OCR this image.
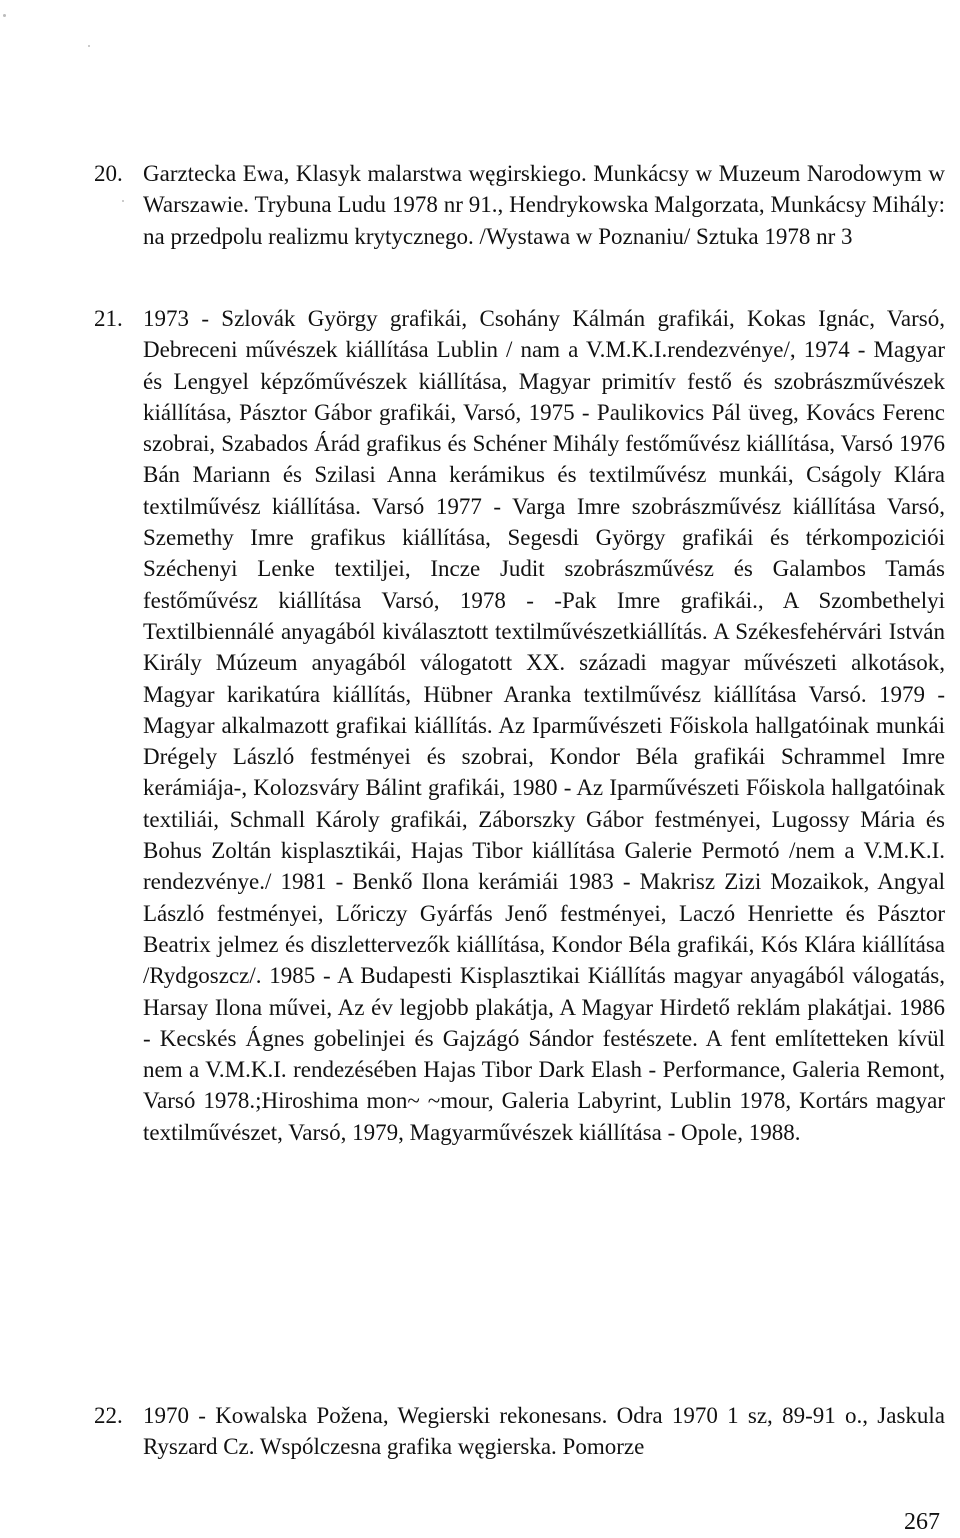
20. Garztecka Ewa, Klasyk malarstwa węgirskiego. Munkácsy w Muzeum Narodowym w Warszawie. Trybuna Ludu 1978 nr 91., Hendrykowska Malgorzata, Munkácsy Mihály: na przedpolu realizmu krytycznego. /Wystawa w Poznaniu/ Sztuka 1978 nr 3
21. 1973 - Szlovák György grafikái, Csohány Kálmán grafikái, Kokas Ignác, Varsó, Debreceni művészek kiállítása Lublin / nam a V.M.K.I.rendezvénye/, 1974 - Magyar és Lengyel képzőművészek kiállítása, Magyar primitív festő és szobrászművészek kiállítása, Pásztor Gábor grafikái, Varsó, 1975 - Paulikovics Pál üveg, Kovács Ferenc szobrai, Szabados Árád grafikus és Schéner Mihály festőművész kiállítása, Varsó 1976 Bán Mariann és Szilasi Anna kerámikus és textilművész munkái, Cságoly Klára textilművész kiállítása. Varsó 1977 - Varga Imre szobrászművész kiállítása Varsó, Szemethy Imre grafikus kiállítása, Segesdi György grafikái és térkompoziciói Széchenyi Lenke textiljei, Incze Judit szobrászművész és Galambos Tamás festőművész kiállítása Varsó, 1978 - -Pak Imre grafikái., A Szombethelyi Textilbiennálé anyagából kiválasztott textilművészetkiállítás. A Székesfehérvári István Király Múzeum anyagából válogatott XX. századi magyar művészeti alkotások, Magyar karikatúra kiállítás, Hübner Aranka textilművész kiállítása Varsó. 1979 - Magyar alkalmazott grafikai kiállítás. Az Iparművészeti Főiskola hallgatóinak munkái Drégely László festményei és szobrai, Kondor Béla grafikái Schrammel Imre kerámiája-, Kolozsváry Bálint grafikái, 1980 - Az Iparművészeti Főiskola hallgatóinak textiliái, Schmall Károly grafikái, Záborszky Gábor festményei, Lugossy Mária és Bohus Zoltán kisplasztikái, Hajas Tibor kiállítása Galerie Permotó /nem a V.M.K.I. rendezvénye./ 1981 - Benkő Ilona kerámiái 1983 - Makrisz Zizi Mozaikok, Angyal László festményei, Lőriczy Gyárfás Jenő festményei, Laczó Henriette és Pásztor Beatrix jelmez és diszlettervezők kiállítása, Kondor Béla grafikái, Kós Klára kiállítása /Rydgoszcz/. 1985 - A Budapesti Kisplasztikai Kiállítás magyar anyagából válogatás, Harsay Ilona művei, Az év legjobb plakátja, A Magyar Hirdető reklám plakátjai. 1986 - Kecskés Ágnes gobelinjei és Gajzágó Sándor festészete. A fent említetteken kívül nem a V.M.K.I. rendezésében Hajas Tibor Dark Elash - Performance, Galeria Remont, Varsó 1978.;Hiroshima mon~ ~mour, Galeria Labyrint, Lublin 1978, Kortárs magyar textilművészet, Varsó, 1979, Magyarművészek kiállítása - Opole, 1988.
22. 1970 - Kowalska Požena, Wegierski rekonesans. Odra 1970 1 sz, 89-91 o., Jaskula Ryszard Cz. Wspólczesna grafika węgierska. Pomorze
267
